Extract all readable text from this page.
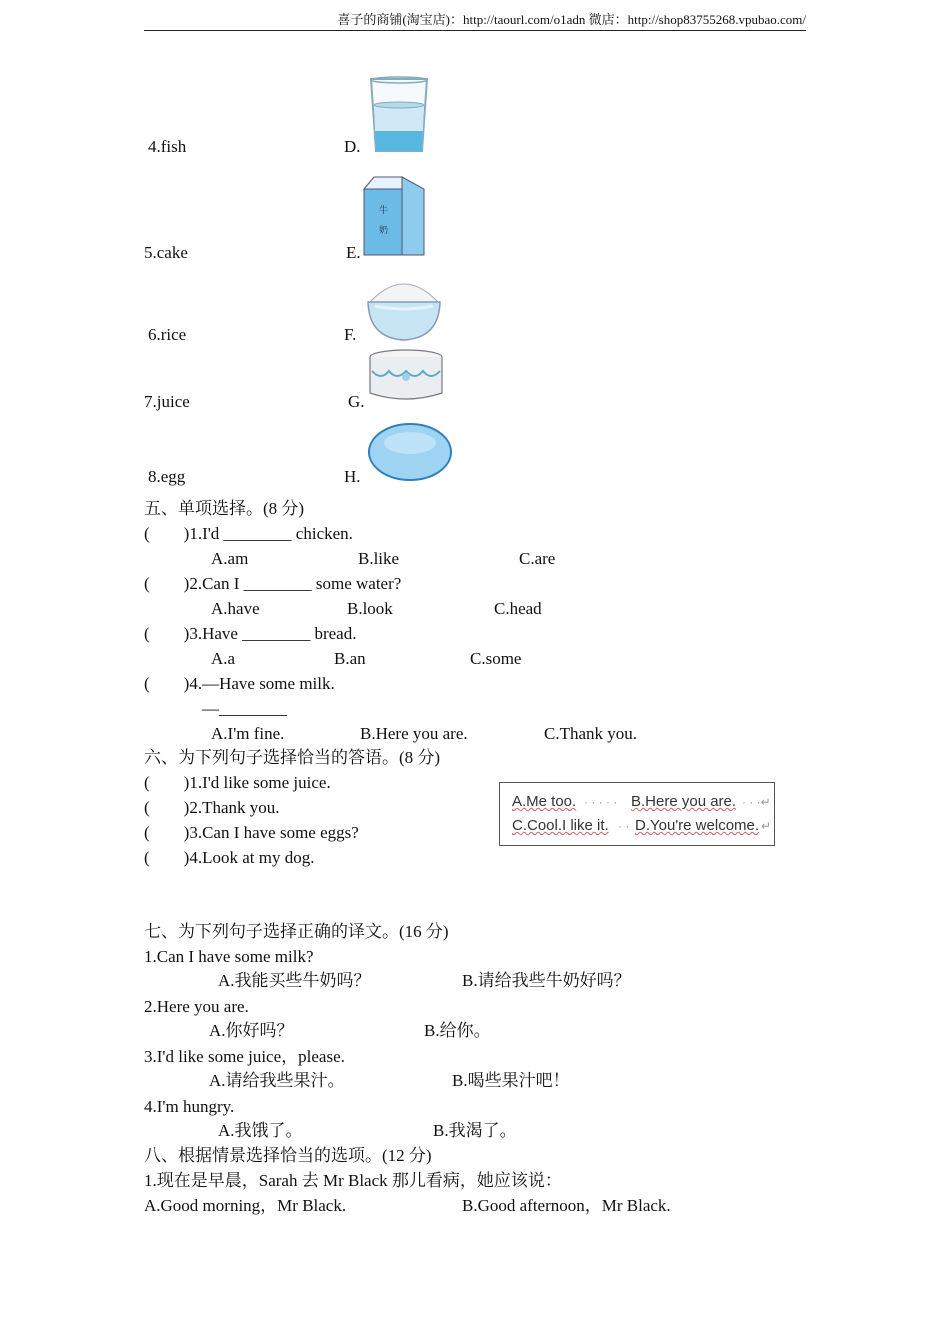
喜子的商铺(淘宝店)：http://taourl.com/o1adn 微店：http://shop83755268.vpubao.com/
4.fish	D.
5.cake	E.
牛
奶
6.rice	F.
7.juice	G.
8.egg	H.
五、单项选择。(8 分)
(        )1.I'd ________ chicken.
A.am	B.like	C.are
(        )2.Can I ________ some water?
A.have	B.look	C.head
(        )3.Have ________ bread.
A.a	B.an	C.some
(        )4.—Have some milk.
—________
A.I'm fine.	B.Here you are.	C.Thank you.
六、为下列句子选择恰当的答语。(8 分)
(        )1.I'd like some juice.
(        )2.Thank you.
(        )3.Can I have some eggs?
(        )4.Look at my dog.
A.Me too. · · · · · B.Here you are. · · ·↵
C.Cool.I like it. · · D.You're welcome. ↵
七、为下列句子选择正确的译文。(16 分)
1.Can I have some milk?
A.我能买些牛奶吗？	B.请给我些牛奶好吗？
2.Here you are.
A.你好吗？	B.给你。
3.I'd like some juice，please.
A.请给我些果汁。	B.喝些果汁吧！
4.I'm hungry.
A.我饿了。	B.我渴了。
八、根据情景选择恰当的选项。(12 分)
1.现在是早晨，Sarah 去 Mr Black 那儿看病，她应该说：
A.Good morning，Mr Black.	B.Good afternoon，Mr Black.
